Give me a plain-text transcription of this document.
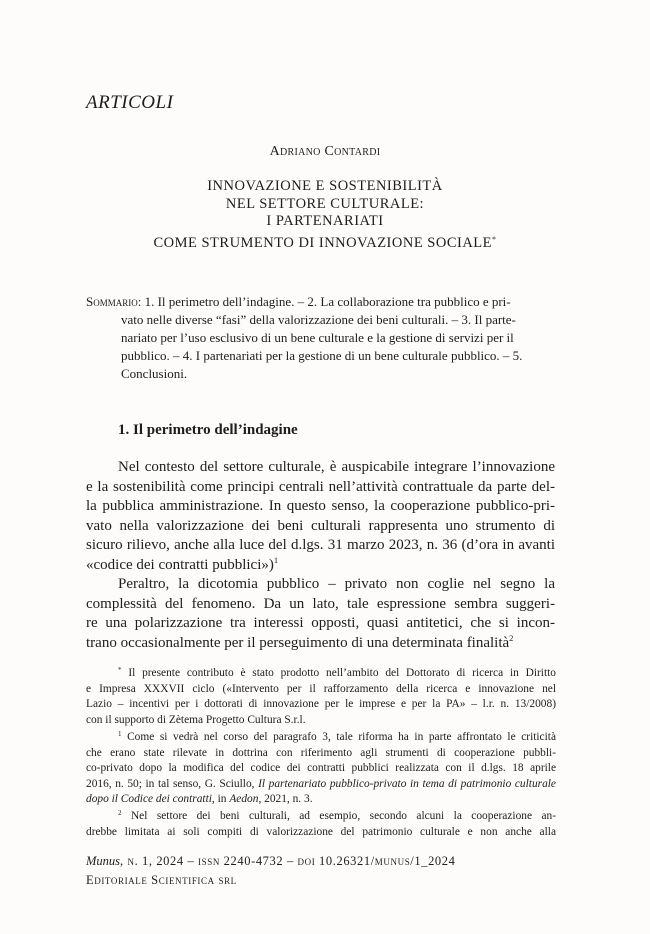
ARTICOLI
Adriano Contardi
INNOVAZIONE E SOSTENIBILITÀ
NEL SETTORE CULTURALE:
I PARTENARIATI
COME STRUMENTO DI INNOVAZIONE SOCIALE*
Sommario: 1. Il perimetro dell’indagine. – 2. La collaborazione tra pubblico e pri-
vato nelle diverse “fasi” della valorizzazione dei beni culturali. – 3. Il parte-
nariato per l’uso esclusivo di un bene culturale e la gestione di servizi per il
pubblico. – 4. I partenariati per la gestione di un bene culturale pubblico. – 5.
Conclusioni.
1. Il perimetro dell’indagine
Nel contesto del settore culturale, è auspicabile integrare l’innovazione
e la sostenibilità come principi centrali nell’attività contrattuale da parte del-
la pubblica amministrazione. In questo senso, la cooperazione pubblico-pri-
vato nella valorizzazione dei beni culturali rappresenta uno strumento di
sicuro rilievo, anche alla luce del d.lgs. 31 marzo 2023, n. 36 (d’ora in avanti
«codice dei contratti pubblici»)$^1$
Peraltro, la dicotomia pubblico – privato non coglie nel segno la
complessità del fenomeno. Da un lato, tale espressione sembra suggeri-
re una polarizzazione tra interessi opposti, quasi antitetici, che si incon-
trano occasionalmente per il perseguimento di una determinata finalità$^2$
* Il presente contributo è stato prodotto nell’ambito del Dottorato di ricerca in Diritto
e Impresa XXXVII ciclo («Intervento per il rafforzamento della ricerca e innovazione nel
Lazio – incentivi per i dottorati di innovazione per le imprese e per la PA» – l.r. n. 13/2008)
con il supporto di Zètema Progetto Cultura S.r.l.
$^1$ Come si vedrà nel corso del paragrafo 3, tale riforma ha in parte affrontato le criticità
che erano state rilevate in dottrina con riferimento agli strumenti di cooperazione pubbli-
co-privato dopo la modifica del codice dei contratti pubblici realizzata con il d.lgs. 18 aprile
2016, n. 50; in tal senso, G. Sciullo, Il partenariato pubblico-privato in tema di patrimonio culturale
dopo il Codice dei contratti, in Aedon, 2021, n. 3.
$^2$ Nel settore dei beni culturali, ad esempio, secondo alcuni la cooperazione an-
drebbe limitata ai soli compiti di valorizzazione del patrimonio culturale e non anche alla
Munus, n. 1, 2024 – issn 2240-4732 – doi 10.26321/munus/1_2024
Editoriale Scientifica srl
